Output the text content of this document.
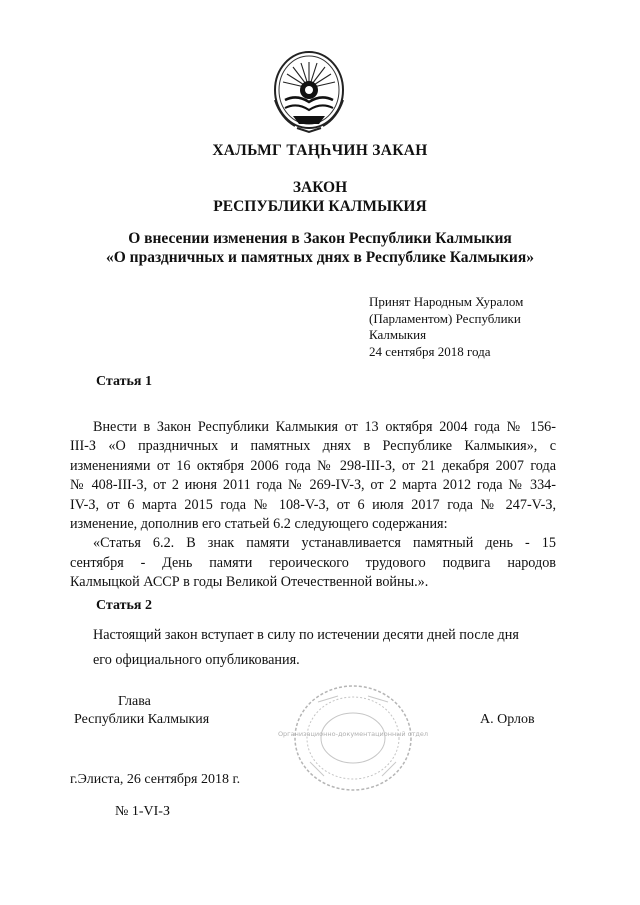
ХАЛЬМГ ТАҢҺЧИН ЗАКАН
ЗАКОН
РЕСПУБЛИКИ КАЛМЫКИЯ
О внесении изменения в Закон Республики Калмыкия
«О праздничных и памятных днях в Республике Калмыкия»
Принят Народным Хуралом
(Парламентом) Республики
Калмыкия
24 сентября 2018 года
Статья 1
Внести в Закон Республики Калмыкия от 13 октября 2004 года № 156-
III-З «О праздничных и памятных днях в Республике Калмыкия», с
изменениями от 16 октября 2006 года № 298-III-З, от 21 декабря 2007 года
№ 408-III-З, от 2 июня 2011 года № 269-IV-З, от 2 марта 2012 года № 334-
IV-З, от 6 марта 2015 года № 108-V-З, от 6 июля 2017 года № 247-V-З,
изменение, дополнив его статьей 6.2 следующего содержания:
«Статья 6.2. В знак памяти устанавливается памятный день - 15
сентября - День памяти героического трудового подвига народов
Калмыцкой АССР в годы Великой Отечественной войны.».
Статья 2
Настоящий закон вступает в силу по истечении десяти дней после дня
его официального опубликования.
Глава
Республики Калмыкия	А. Орлов
Организационно-документационный отдел
г.Элиста, 26 сентября 2018 г.
№ 1-VI-З
